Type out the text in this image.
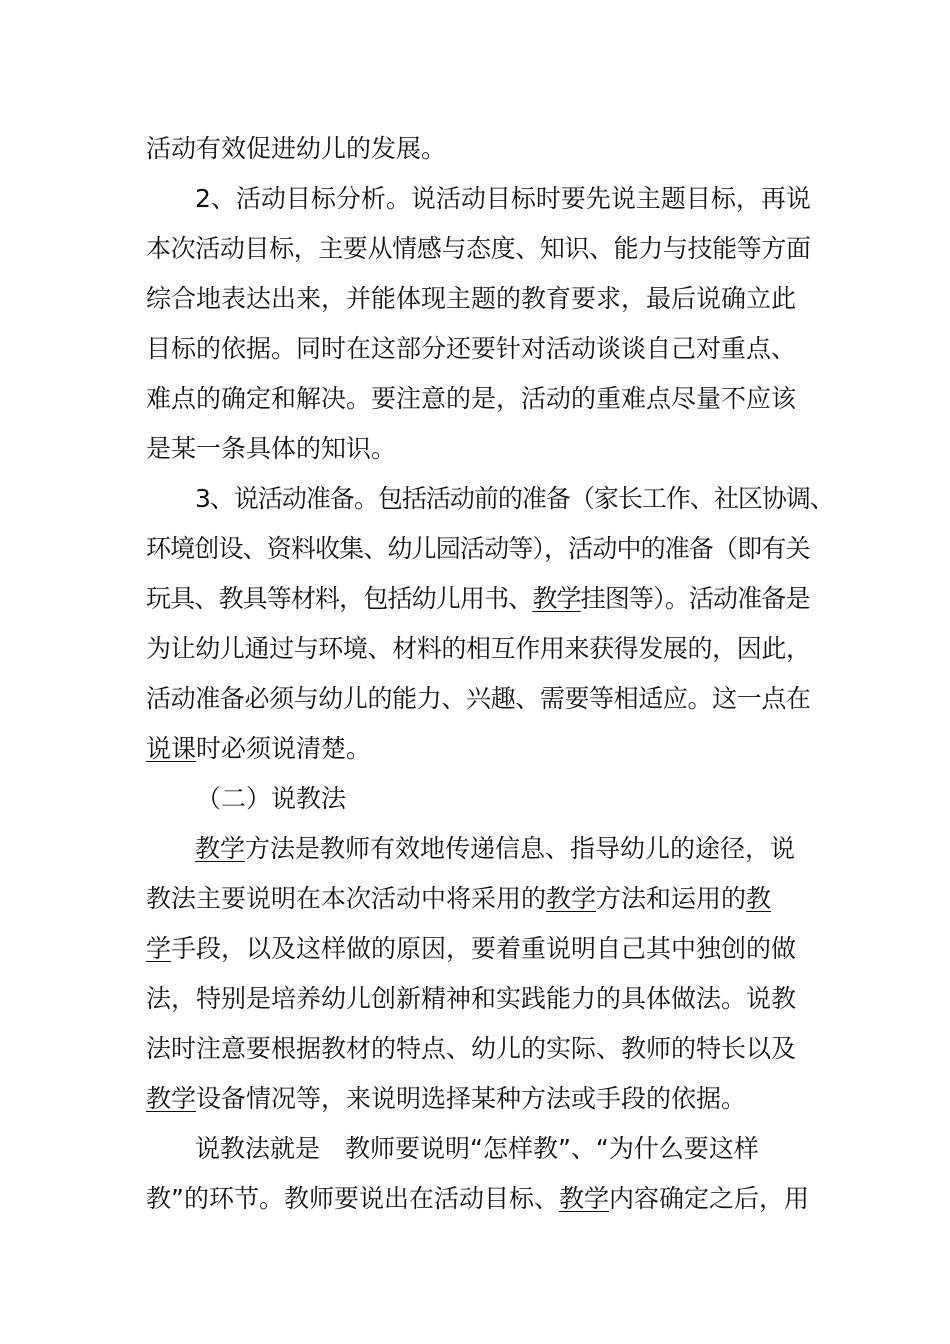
活动有效促进幼儿的发展。
2、活动目标分析。说活动目标时要先说主题目标，再说
本次活动目标，主要从情感与态度、知识、能力与技能等方面
综合地表达出来，并能体现主题的教育要求，最后说确立此
目标的依据。同时在这部分还要针对活动谈谈自己对重点、
难点的确定和解决。要注意的是，活动的重难点尽量不应该
是某一条具体的知识。
3、说活动准备。包括活动前的准备（家长工作、社区协调、
环境创设、资料收集、幼儿园活动等），活动中的准备（即有关
玩具、教具等材料，包括幼儿用书、教学挂图等）。活动准备是
为让幼儿通过与环境、材料的相互作用来获得发展的，因此，
活动准备必须与幼儿的能力、兴趣、需要等相适应。这一点在
说课时必须说清楚。
（二）说教法
教学方法是教师有效地传递信息、指导幼儿的途径，说
教法主要说明在本次活动中将采用的教学方法和运用的教
学手段，以及这样做的原因，要着重说明自己其中独创的做
法，特别是培养幼儿创新精神和实践能力的具体做法。说教
法时注意要根据教材的特点、幼儿的实际、教师的特长以及
教学设备情况等，来说明选择某种方法或手段的依据。
说教法就是　教师要说明“怎样教”、“为什么要这样
教”的环节。教师要说出在活动目标、教学内容确定之后，用
